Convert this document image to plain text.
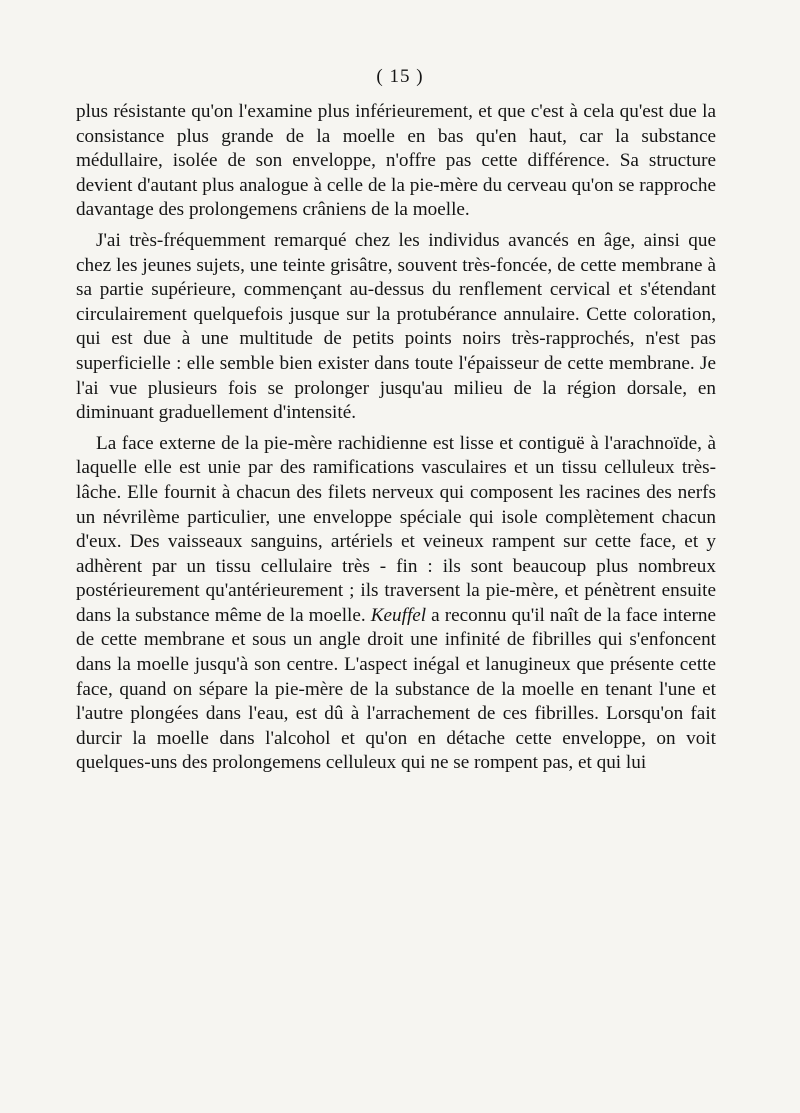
( 15 )

plus résistante qu'on l'examine plus inférieurement, et que c'est à cela qu'est due la consistance plus grande de la moelle en bas qu'en haut, car la substance médullaire, isolée de son enveloppe, n'offre pas cette différence. Sa structure devient d'autant plus analogue à celle de la pie-mère du cerveau qu'on se rapproche davantage des prolongemens crâniens de la moelle.

J'ai très-fréquemment remarqué chez les individus avancés en âge, ainsi que chez les jeunes sujets, une teinte grisâtre, souvent très-foncée, de cette membrane à sa partie supérieure, commençant au-dessus du renflement cervical et s'étendant circulairement quelquefois jusque sur la protubérance annulaire. Cette coloration, qui est due à une multitude de petits points noirs très-rapprochés, n'est pas superficielle : elle semble bien exister dans toute l'épaisseur de cette membrane. Je l'ai vue plusieurs fois se prolonger jusqu'au milieu de la région dorsale, en diminuant graduellement d'intensité.

La face externe de la pie-mère rachidienne est lisse et contiguë à l'arachnoïde, à laquelle elle est unie par des ramifications vasculaires et un tissu celluleux très-lâche. Elle fournit à chacun des filets nerveux qui composent les racines des nerfs un névrilème particulier, une enveloppe spéciale qui isole complètement chacun d'eux. Des vaisseaux sanguins, artériels et veineux rampent sur cette face, et y adhèrent par un tissu cellulaire très - fin : ils sont beaucoup plus nombreux postérieurement qu'antérieurement ; ils traversent la pie-mère, et pénètrent ensuite dans la substance même de la moelle. Keuffel a reconnu qu'il naît de la face interne de cette membrane et sous un angle droit une infinité de fibrilles qui s'enfoncent dans la moelle jusqu'à son centre. L'aspect inégal et lanugineux que présente cette face, quand on sépare la pie-mère de la substance de la moelle en tenant l'une et l'autre plongées dans l'eau, est dû à l'arrachement de ces fibrilles. Lorsqu'on fait durcir la moelle dans l'alcohol et qu'on en détache cette enveloppe, on voit quelques-uns des prolongemens celluleux qui ne se rompent pas, et qui lui
